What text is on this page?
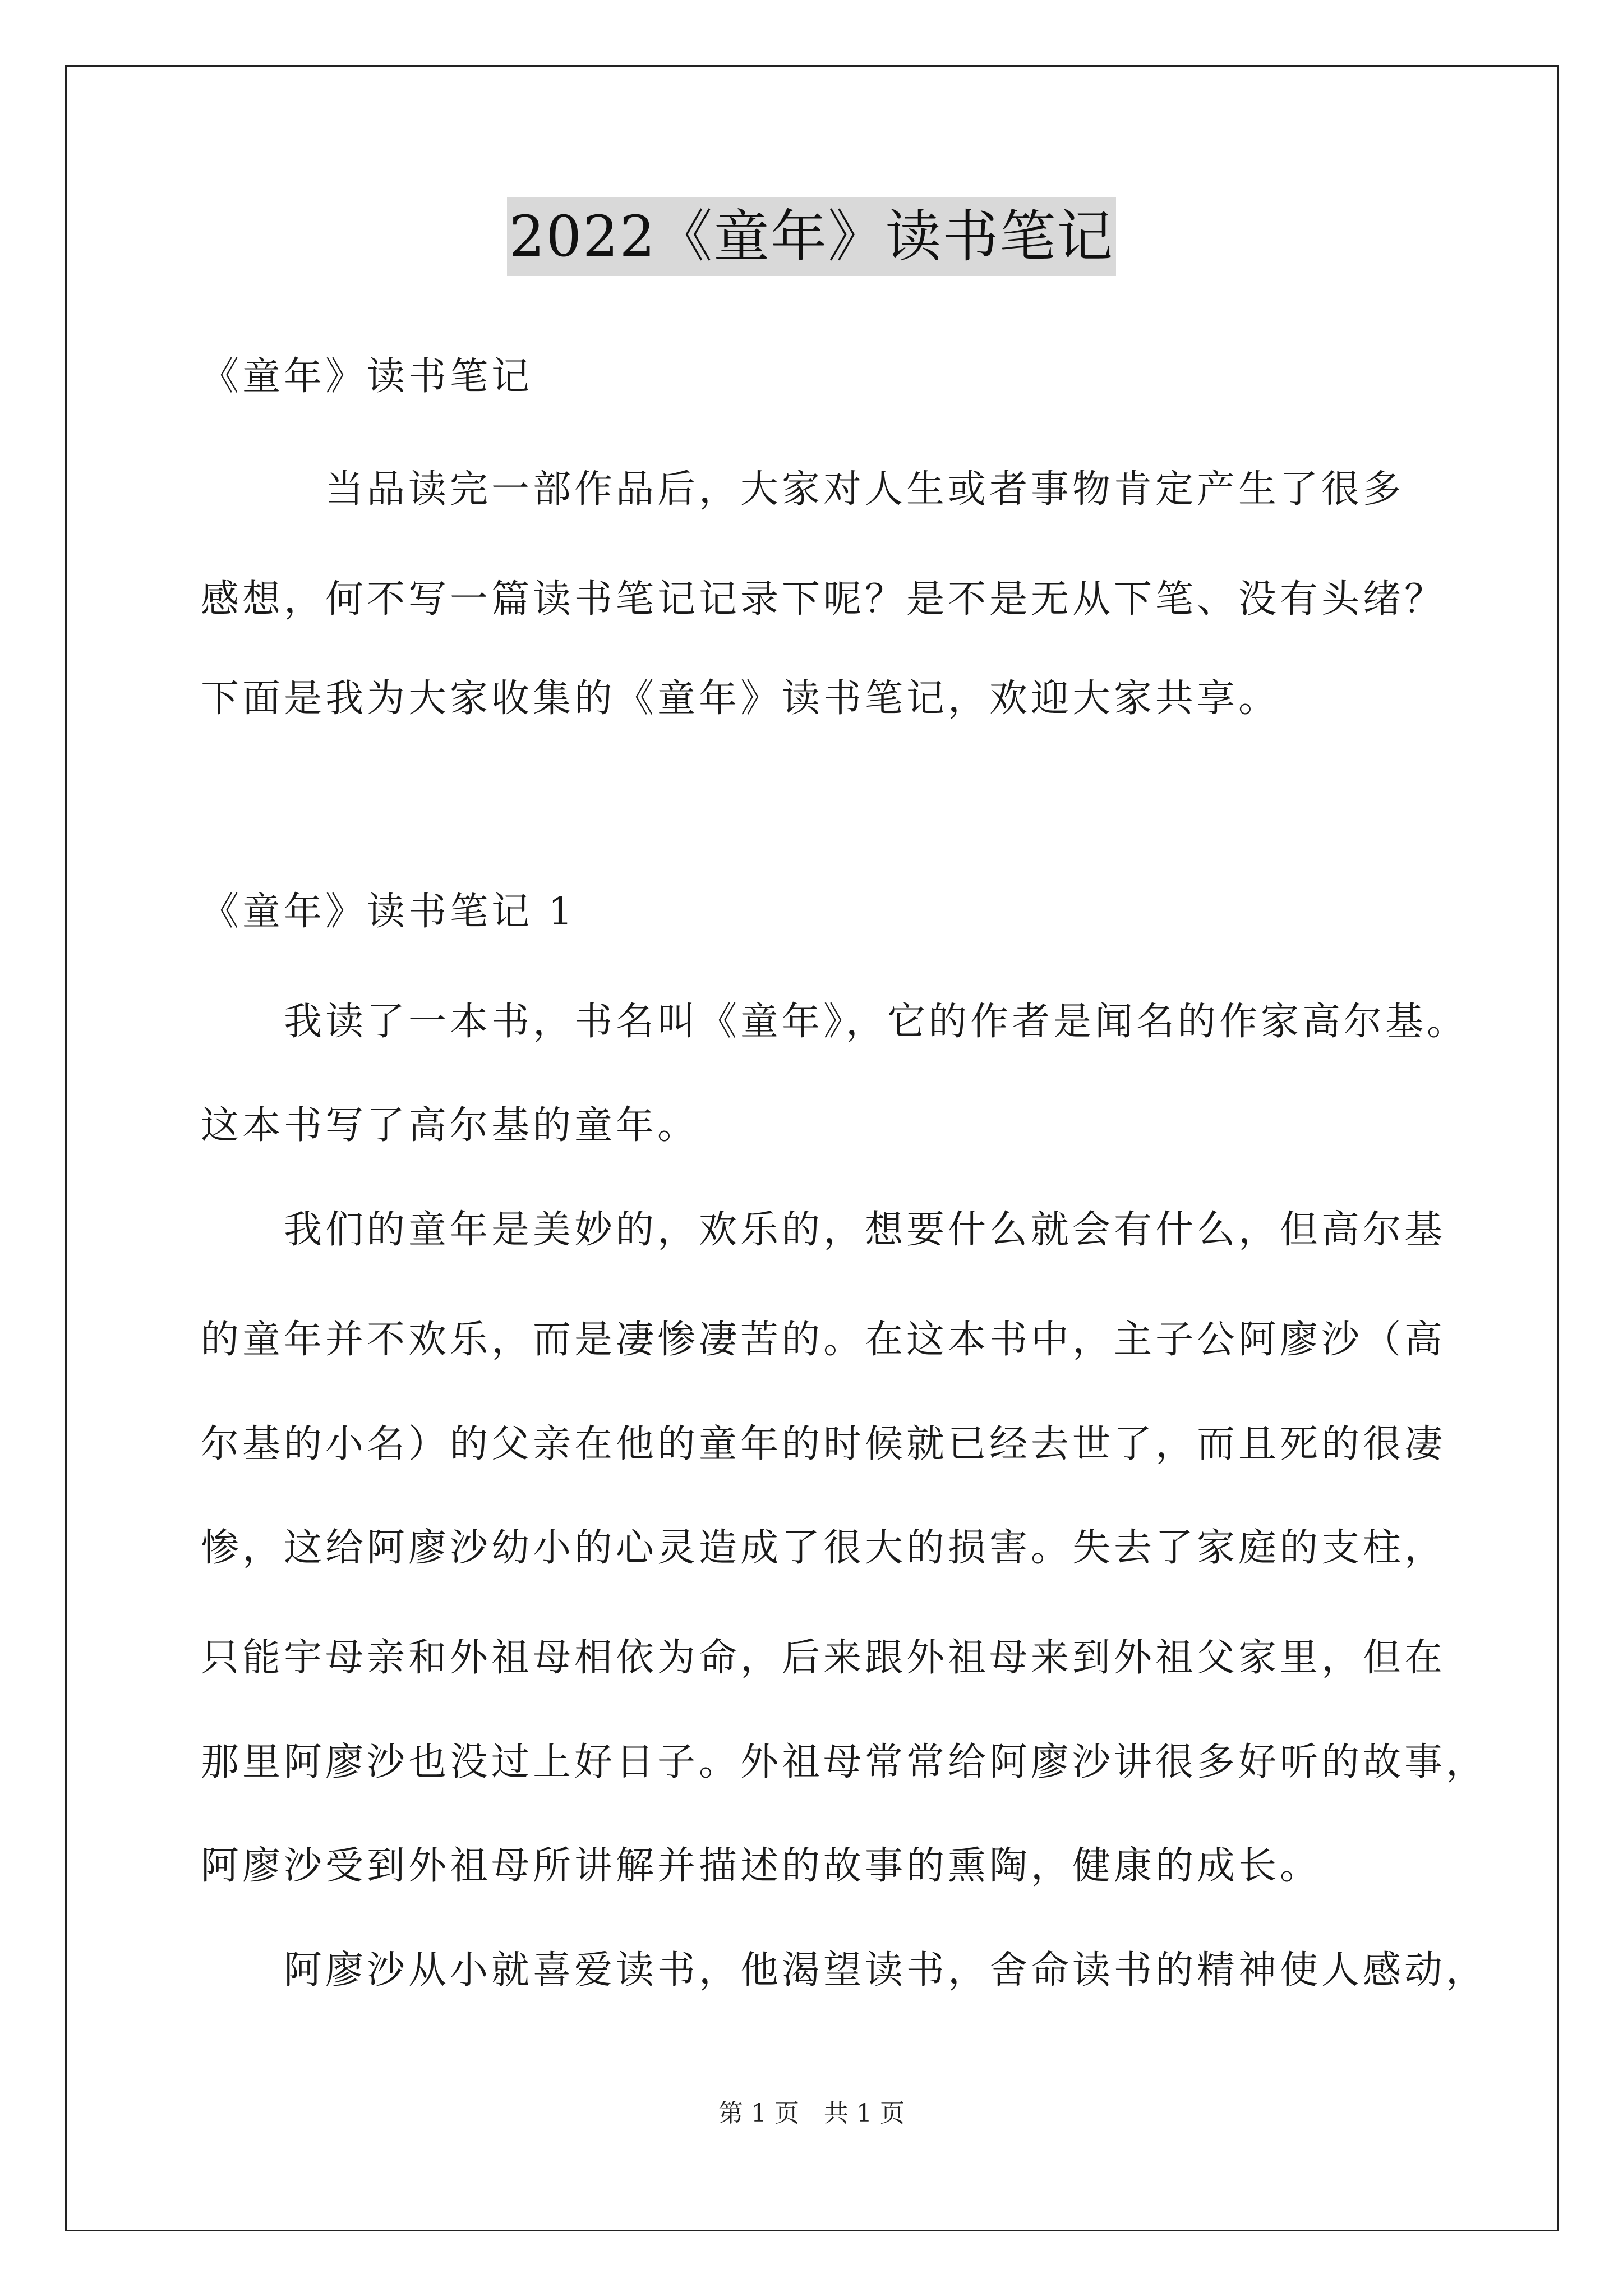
2022《童年》读书笔记
《童年》读书笔记
　　　当品读完一部作品后，大家对人生或者事物肯定产生了很多
感想，何不写一篇读书笔记记录下呢？是不是无从下笔、没有头绪？
下面是我为大家收集的《童年》读书笔记，欢迎大家共享。
《童年》读书笔记 1
　　我读了一本书，书名叫《童年》，它的作者是闻名的作家高尔基。
这本书写了高尔基的童年。
　　我们的童年是美妙的，欢乐的，想要什么就会有什么，但高尔基
的童年并不欢乐，而是凄惨凄苦的。在这本书中，主子公阿廖沙（高
尔基的小名）的父亲在他的童年的时候就已经去世了，而且死的很凄
惨，这给阿廖沙幼小的心灵造成了很大的损害。失去了家庭的支柱，
只能宇母亲和外祖母相依为命，后来跟外祖母来到外祖父家里，但在
那里阿廖沙也没过上好日子。外祖母常常给阿廖沙讲很多好听的故事，
阿廖沙受到外祖母所讲解并描述的故事的熏陶，健康的成长。
　　阿廖沙从小就喜爱读书，他渴望读书，舍命读书的精神使人感动，
第 1 页　共 1 页
